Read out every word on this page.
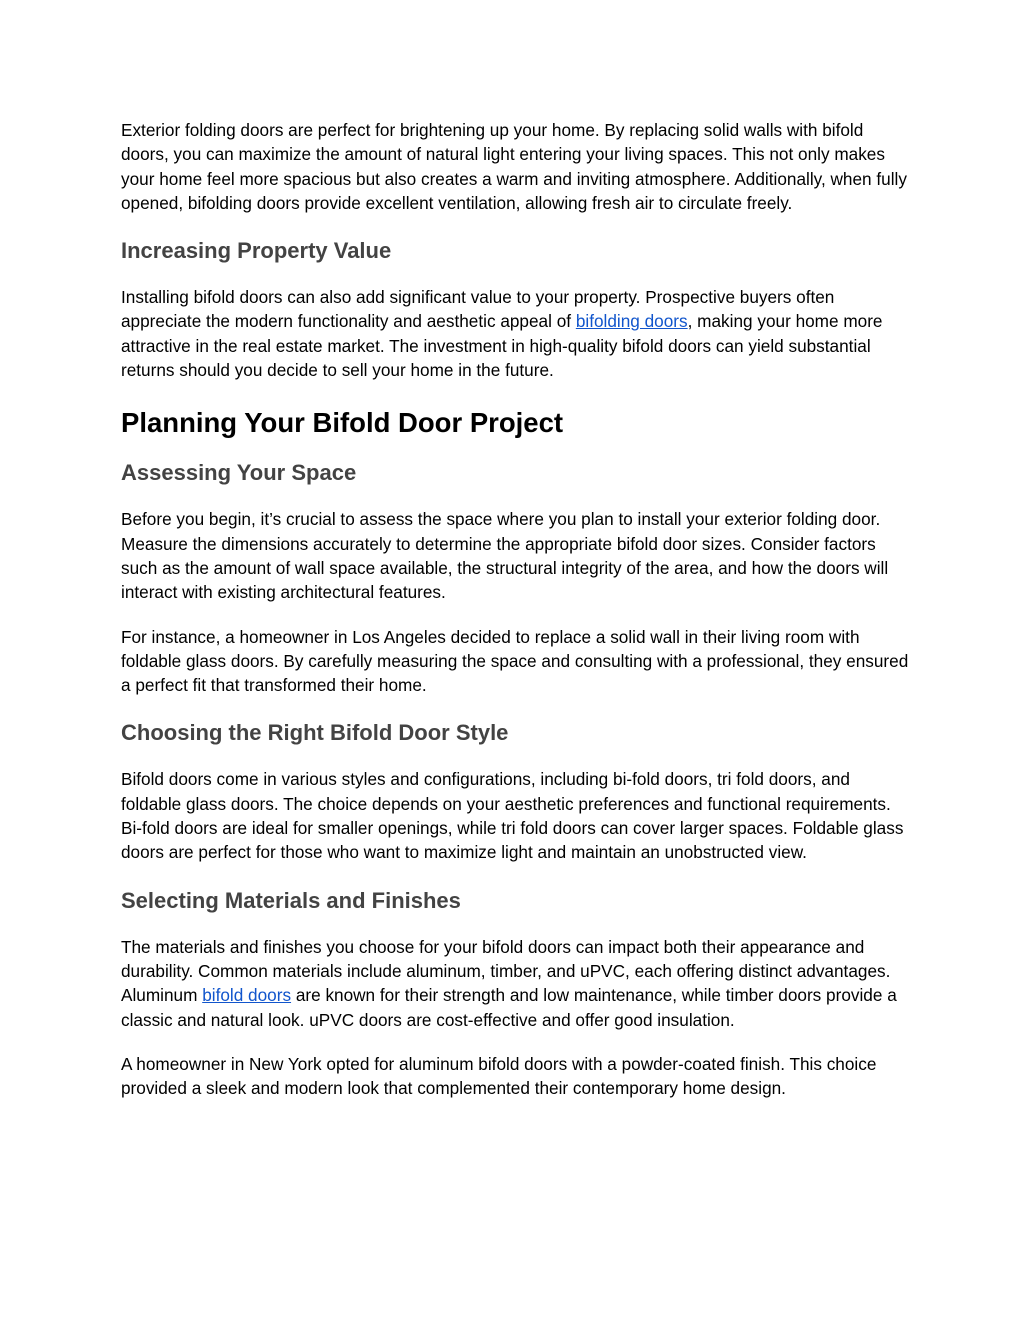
Exterior folding doors are perfect for brightening up your home. By replacing solid walls with bifold doors, you can maximize the amount of natural light entering your living spaces. This not only makes your home feel more spacious but also creates a warm and inviting atmosphere. Additionally, when fully opened, bifolding doors provide excellent ventilation, allowing fresh air to circulate freely.

Increasing Property Value

Installing bifold doors can also add significant value to your property. Prospective buyers often appreciate the modern functionality and aesthetic appeal of bifolding doors, making your home more attractive in the real estate market. The investment in high-quality bifold doors can yield substantial returns should you decide to sell your home in the future.

Planning Your Bifold Door Project
Assessing Your Space

Before you begin, it’s crucial to assess the space where you plan to install your exterior folding door. Measure the dimensions accurately to determine the appropriate bifold door sizes. Consider factors such as the amount of wall space available, the structural integrity of the area, and how the doors will interact with existing architectural features.

For instance, a homeowner in Los Angeles decided to replace a solid wall in their living room with foldable glass doors. By carefully measuring the space and consulting with a professional, they ensured a perfect fit that transformed their home.

Choosing the Right Bifold Door Style

Bifold doors come in various styles and configurations, including bi-fold doors, tri fold doors, and foldable glass doors. The choice depends on your aesthetic preferences and functional requirements. Bi-fold doors are ideal for smaller openings, while tri fold doors can cover larger spaces. Foldable glass doors are perfect for those who want to maximize light and maintain an unobstructed view.

Selecting Materials and Finishes

The materials and finishes you choose for your bifold doors can impact both their appearance and durability. Common materials include aluminum, timber, and uPVC, each offering distinct advantages. Aluminum bifold doors are known for their strength and low maintenance, while timber doors provide a classic and natural look. uPVC doors are cost-effective and offer good insulation.

A homeowner in New York opted for aluminum bifold doors with a powder-coated finish. This choice provided a sleek and modern look that complemented their contemporary home design.
